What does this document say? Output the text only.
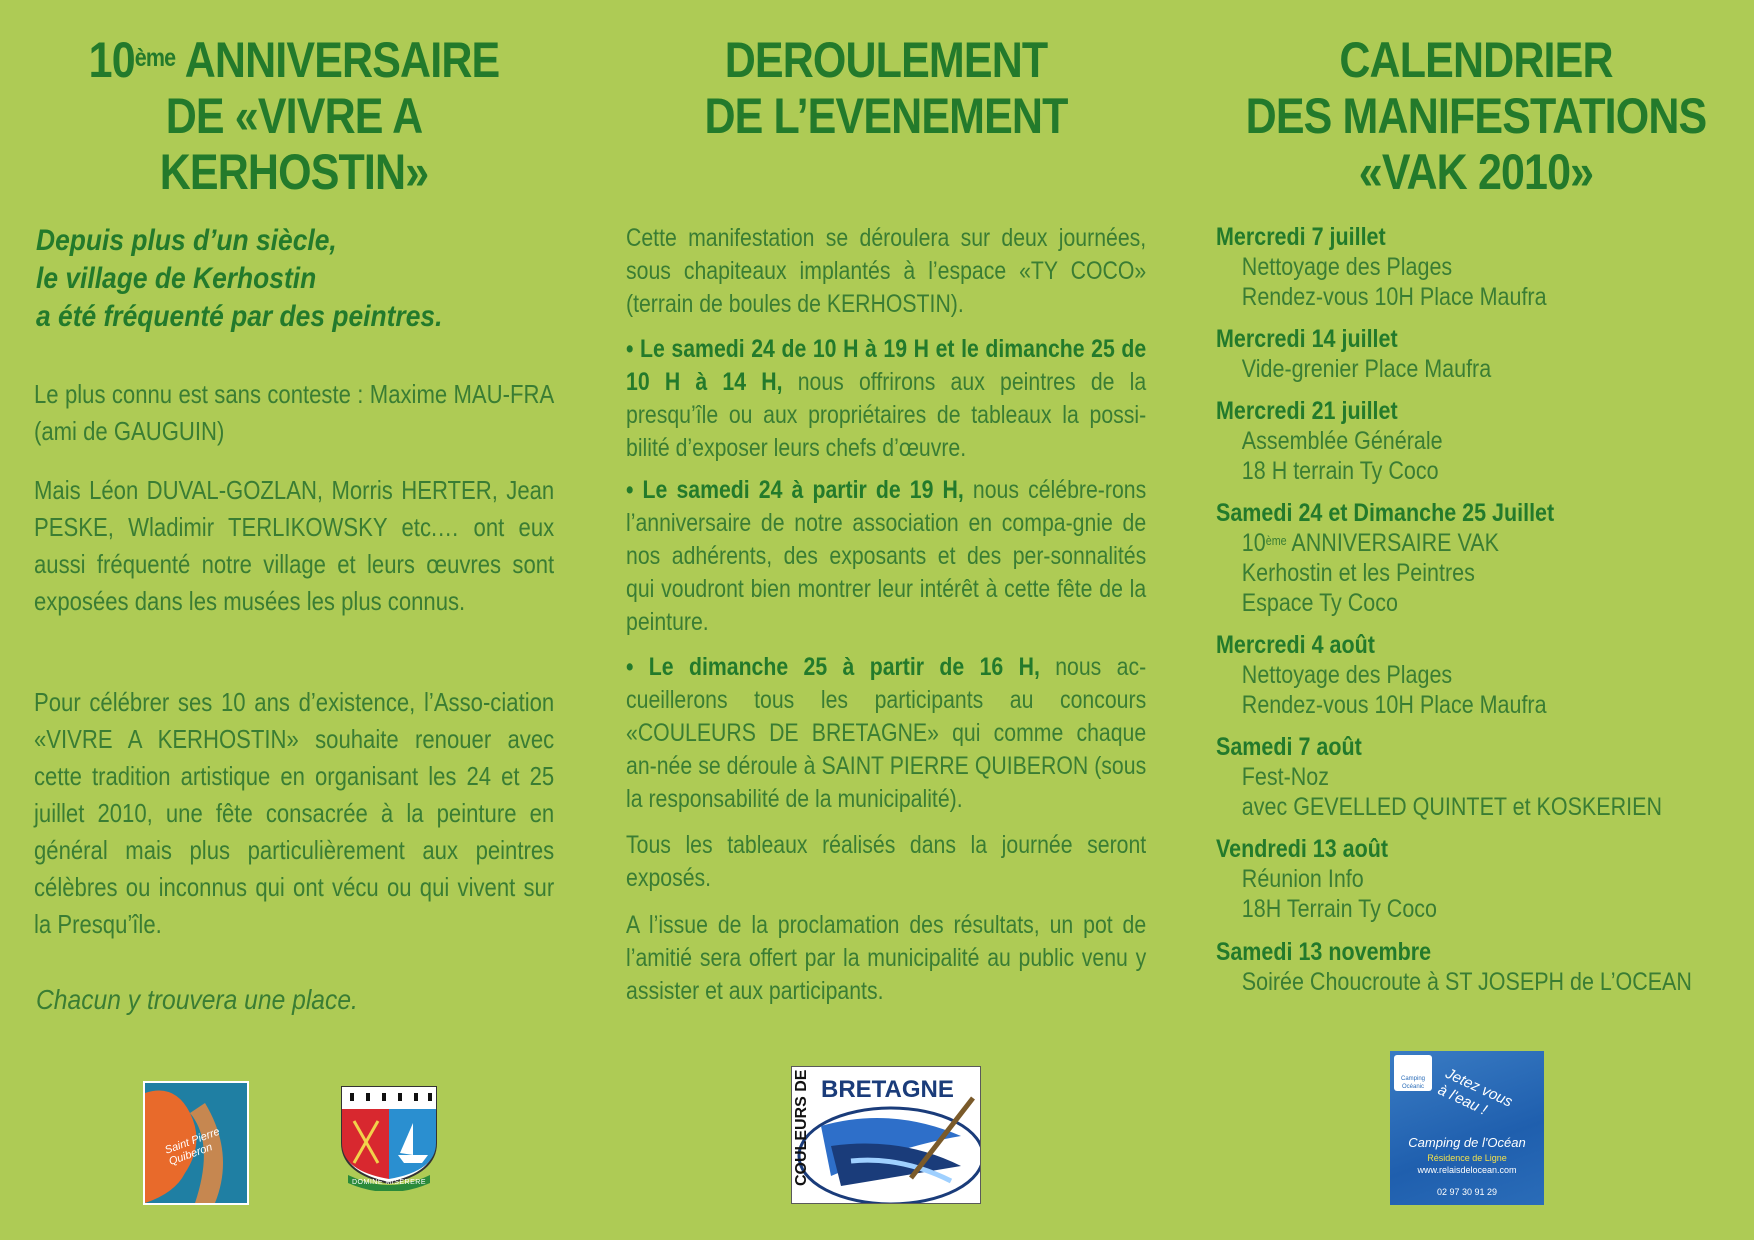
10ème ANNIVERSAIRE
DE «VIVRE A KERHOSTIN»
Depuis plus d’un siècle,
le village de Kerhostin
a été fréquenté par des peintres.

Le plus connu est sans conteste : Maxime MAU-FRA (ami de GAUGUIN)

Mais Léon DUVAL-GOZLAN, Morris HERTER, Jean PESKE, Wladimir TERLIKOWSKY etc.… ont eux aussi fréquenté notre village et leurs œuvres sont exposées dans les musées les plus connus.

Pour célébrer ses 10 ans d’existence, l’Asso-ciation «VIVRE A KERHOSTIN» souhaite renouer avec cette tradition artistique en organisant les 24 et 25 juillet 2010, une fête consacrée à la peinture en général mais plus particulièrement aux peintres célèbres ou inconnus qui ont vécu ou qui vivent sur la Presqu’île.

Chacun y trouvera une place.
DEROULEMENT
DE L’EVENEMENT

Cette manifestation se déroulera sur deux journées, sous chapiteaux implantés à l’espace «TY COCO» (terrain de boules de KERHOSTIN).

• Le samedi 24 de 10 H à 19 H et le dimanche 25 de 10 H à 14 H, nous offrirons aux peintres de la presqu’île ou aux propriétaires de tableaux la possi-bilité d’exposer leurs chefs d’œuvre.

• Le samedi 24 à partir de 19 H, nous célébre-rons l’anniversaire de notre association en compa-gnie de nos adhérents, des exposants et des per-sonnalités qui voudront bien montrer leur intérêt à cette fête de la peinture.

• Le dimanche 25 à partir de 16 H, nous ac-cueillerons tous les participants au concours «COULEURS DE BRETAGNE» qui comme chaque an-née se déroule à SAINT PIERRE QUIBERON (sous la responsabilité de la municipalité).

Tous les tableaux réalisés dans la journée seront exposés.

A l’issue de la proclamation des résultats, un pot de l’amitié sera offert par la municipalité au public venu y assister et aux participants.

CALENDRIER
DES MANIFESTATIONS
«VAK 2010»
Mercredi 7 juillet
Nettoyage des Plages
Rendez-vous 10H Place Maufra
Mercredi 14 juillet
Vide-grenier Place Maufra
Mercredi 21 juillet
Assemblée Générale
18 H terrain Ty Coco
Samedi 24 et Dimanche 25 Juillet
10ème ANNIVERSAIRE VAK
Kerhostin et les Peintres
Espace Ty Coco
Mercredi 4 août
Nettoyage des Plages
Rendez-vous 10H Place Maufra
Samedi 7 août
Fest-Noz
avec GEVELLED QUINTET et KOSKERIEN
Vendredi 13 août
Réunion Info
18H Terrain Ty Coco
Samedi 13 novembre
Soirée Choucroute à ST JOSEPH de L’OCEAN
Saint Pierre Quiberon
DOMINE MISERERE	COULEURS DE BRETAGNE	Camping Océanic	Jetez vous à l'eau !
Camping de l'Océan
Résidence de Ligne
www.relaisdelocean.com
02 97 30 91 29
